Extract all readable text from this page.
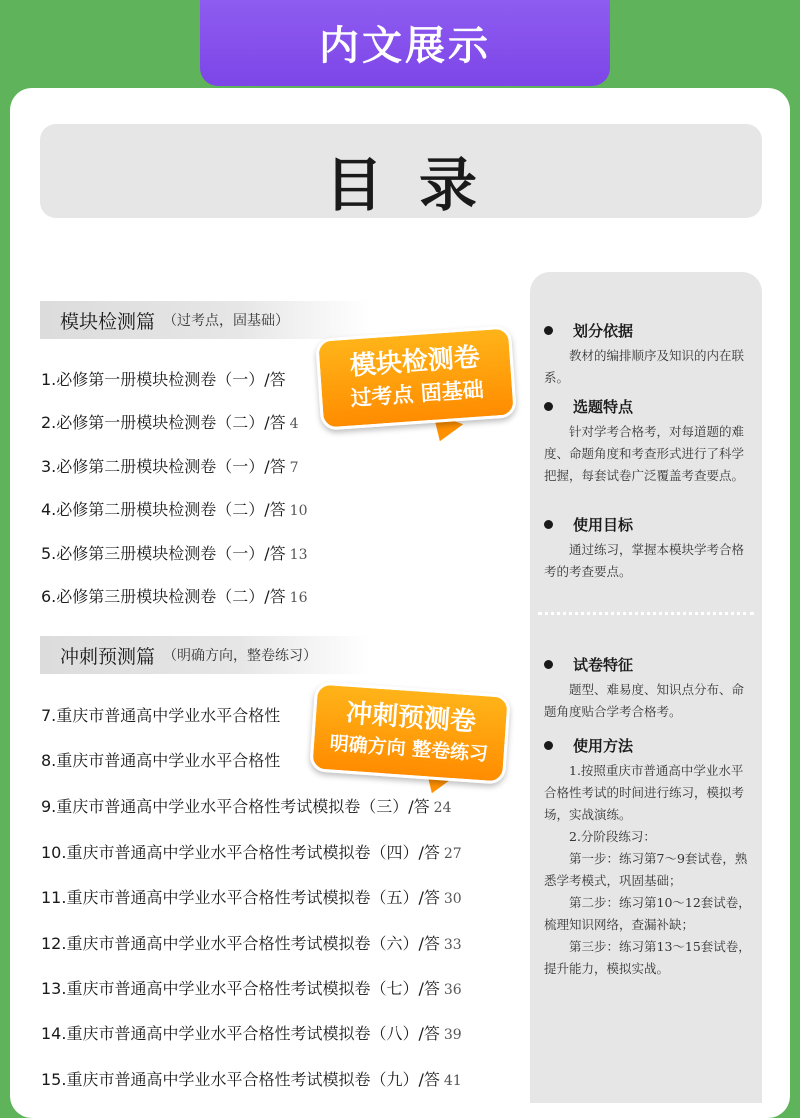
内文展示
目录
模块检测篇 （过考点，固基础）
1.必修第一册模块检测卷（一）/答
2.必修第一册模块检测卷（二）/答 4
3.必修第二册模块检测卷（一）/答 7
4.必修第二册模块检测卷（二）/答 10
5.必修第三册模块检测卷（一）/答 13
6.必修第三册模块检测卷（二）/答 16
模块检测卷
过考点 固基础
冲刺预测篇 （明确方向，整卷练习）
7.重庆市普通高中学业水平合格性
8.重庆市普通高中学业水平合格性
9.重庆市普通高中学业水平合格性考试模拟卷（三）/答 24
10.重庆市普通高中学业水平合格性考试模拟卷（四）/答 27
11.重庆市普通高中学业水平合格性考试模拟卷（五）/答 30
12.重庆市普通高中学业水平合格性考试模拟卷（六）/答 33
13.重庆市普通高中学业水平合格性考试模拟卷（七）/答 36
14.重庆市普通高中学业水平合格性考试模拟卷（八）/答 39
15.重庆市普通高中学业水平合格性考试模拟卷（九）/答 41
冲刺预测卷
明确方向 整卷练习
划分依据
教材的编排顺序及知识的内在联系。
选题特点
针对学考合格考，对每道题的难度、命题角度和考查形式进行了科学把握，每套试卷广泛覆盖考查要点。
使用目标
通过练习，掌握本模块学考合格考的考查要点。
试卷特征
题型、难易度、知识点分布、命题角度贴合学考合格考。
使用方法
1.按照重庆市普通高中学业水平合格性考试的时间进行练习，模拟考场，实战演练。
2.分阶段练习：
第一步：练习第7～9套试卷，熟悉学考模式，巩固基础；
第二步：练习第10～12套试卷，梳理知识网络，查漏补缺；
第三步：练习第13～15套试卷，提升能力，模拟实战。
